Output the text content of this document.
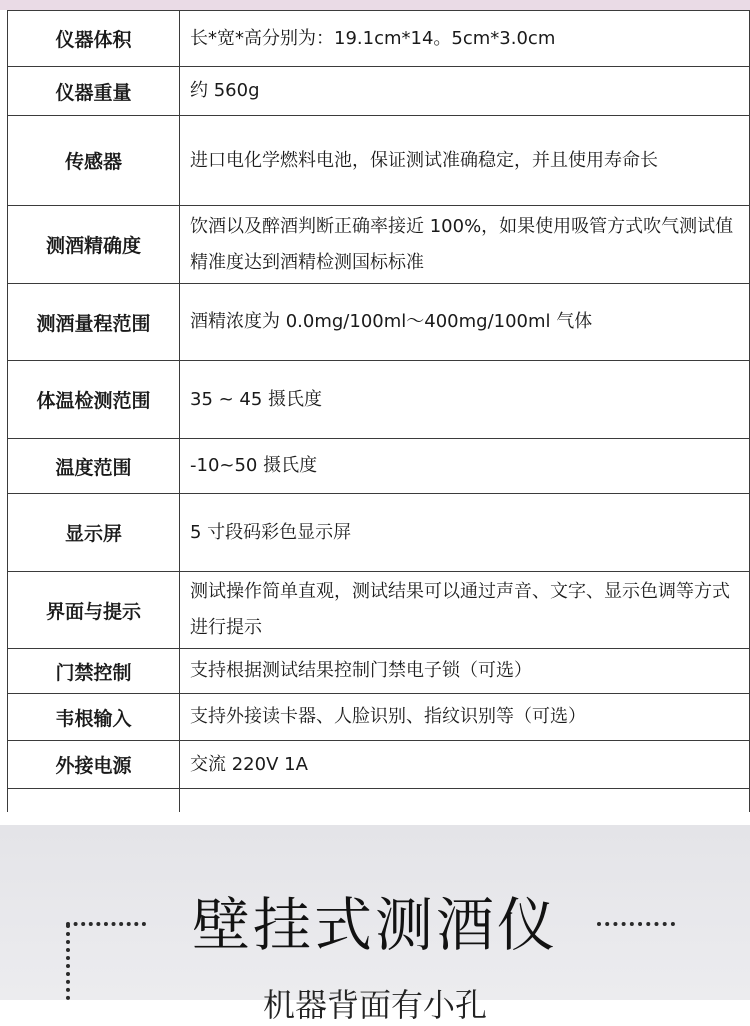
仪器体积	长*宽*高分别为：19.1cm*14。5cm*3.0cm
仪器重量	约 560g
传感器	进口电化学燃料电池，保证测试准确稳定，并且使用寿命长
测酒精确度	饮酒以及醉酒判断正确率接近 100%，如果使用吸管方式吹气测试值精准度达到酒精检测国标标准
测酒量程范围	酒精浓度为 0.0mg/100ml～400mg/100ml 气体
体温检测范围	35 ~ 45 摄氏度
温度范围	-10~50 摄氏度
显示屏	5 寸段码彩色显示屏
界面与提示	测试操作简单直观，测试结果可以通过声音、文字、显示色调等方式进行提示
门禁控制	支持根据测试结果控制门禁电子锁（可选）
韦根输入	支持外接读卡器、人脸识别、指纹识别等（可选）
外接电源	交流 220V 1A

壁挂式测酒仪
机器背面有小孔
